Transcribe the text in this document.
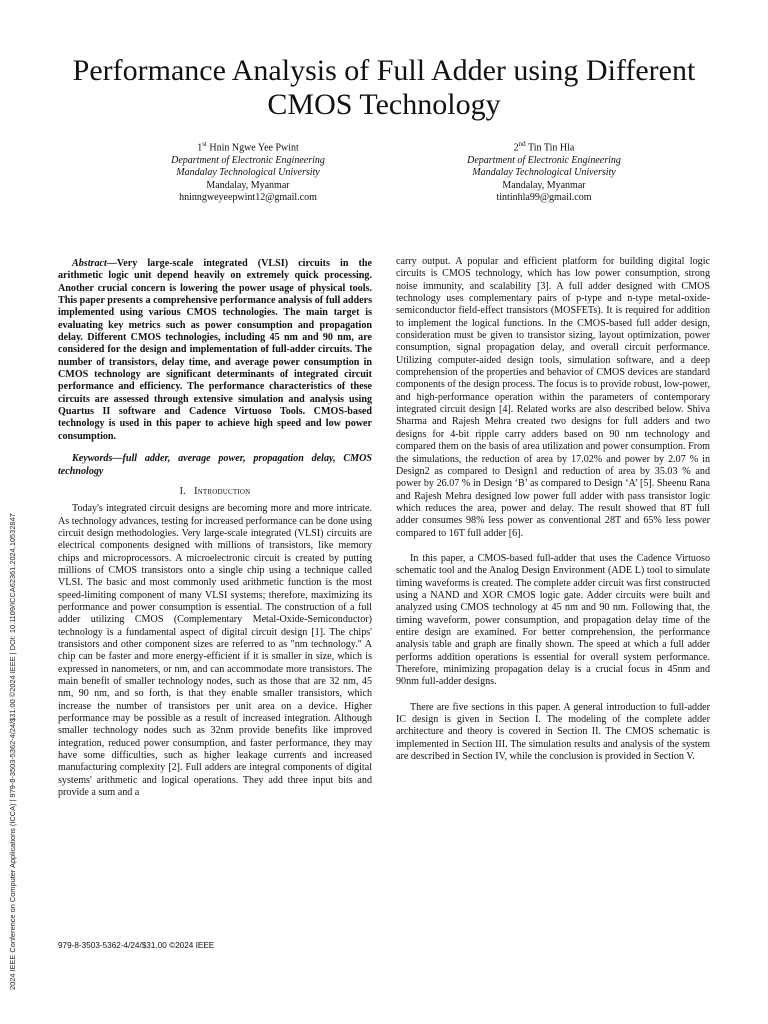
Performance Analysis of Full Adder using Different CMOS Technology
1st Hnin Ngwe Yee Pwint
Department of Electronic Engineering
Mandalay Technological University
Mandalay, Myanmar
hninngweyeepwint12@gmail.com
2nd Tin Tin Hla
Department of Electronic Engineering
Mandalay Technological University
Mandalay, Myanmar
tintinhla99@gmail.com

Abstract—Very large-scale integrated (VLSI) circuits in the arithmetic logic unit depend heavily on extremely quick processing. Another crucial concern is lowering the power usage of physical tools. This paper presents a comprehensive performance analysis of full adders implemented using various CMOS technologies. The main target is evaluating key metrics such as power consumption and propagation delay. Different CMOS technologies, including 45 nm and 90 nm, are considered for the design and implementation of full-adder circuits. The number of transistors, delay time, and average power consumption in CMOS technology are significant determinants of integrated circuit performance and efficiency. The performance characteristics of these circuits are assessed through extensive simulation and analysis using Quartus II software and Cadence Virtuoso Tools. CMOS-based technology is used in this paper to achieve high speed and low power consumption.

Keywords—full adder, average power, propagation delay, CMOS technology

I. Introduction

Today's integrated circuit designs are becoming more and more intricate. As technology advances, testing for increased performance can be done using circuit design methodologies. Very large-scale integrated (VLSI) circuits are electrical components designed with millions of transistors, like memory chips and microprocessors. A microelectronic circuit is created by putting millions of CMOS transistors onto a single chip using a technique called VLSI. The basic and most commonly used arithmetic function is the most speed-limiting component of many VLSI systems; therefore, maximizing its performance and power consumption is essential. The construction of a full adder utilizing CMOS (Complementary Metal-Oxide-Semiconductor) technology is a fundamental aspect of digital circuit design [1]. The chips' transistors and other component sizes are referred to as "nm technology." A chip can be faster and more energy-efficient if it is smaller in size, which is expressed in nanometers, or nm, and can accommodate more transistors. The main benefit of smaller technology nodes, such as those that are 32 nm, 45 nm, 90 nm, and so forth, is that they enable smaller transistors, which increase the number of transistors per unit area on a device. Higher performance may be possible as a result of increased integration. Although smaller technology nodes such as 32nm provide benefits like improved integration, reduced power consumption, and faster performance, they may have some difficulties, such as higher leakage currents and increased manufacturing complexity [2]. Full adders are integral components of digital systems' arithmetic and logical operations. They add three input bits and provide a sum and a

carry output. A popular and efficient platform for building digital logic circuits is CMOS technology, which has low power consumption, strong noise immunity, and scalability [3]. A full adder designed with CMOS technology uses complementary pairs of p-type and n-type metal-oxide-semiconductor field-effect transistors (MOSFETs). It is required for addition to implement the logical functions. In the CMOS-based full adder design, consideration must be given to transistor sizing, layout optimization, power consumption, signal propagation delay, and overall circuit performance. Utilizing computer-aided design tools, simulation software, and a deep comprehension of the properties and behavior of CMOS devices are standard components of the design process. The focus is to provide robust, low-power, and high-performance operation within the parameters of contemporary integrated circuit design [4]. Related works are also described below. Shiva Sharma and Rajesh Mehra created two designs for full adders and two designs for 4-bit ripple carry adders based on 90 nm technology and compared them on the basis of area utilization and power consumption. From the simulations, the reduction of area by 17.02% and power by 2.07 % in Design2 as compared to Design1 and reduction of area by 35.03 % and power by 26.07 % in Design ‘B’ as compared to Design ‘A’ [5]. Sheenu Rana and Rajesh Mehra designed low power full adder with pass transistor logic which reduces the area, power and delay. The result showed that 8T full adder consumes 98% less power as conventional 28T and 65% less power compared to 16T full adder [6].

In this paper, a CMOS-based full-adder that uses the Cadence Virtuoso schematic tool and the Analog Design Environment (ADE L) tool to simulate timing waveforms is created. The complete adder circuit was first constructed using a NAND and XOR CMOS logic gate. Adder circuits were built and analyzed using CMOS technology at 45 nm and 90 nm. Following that, the timing waveform, power consumption, and propagation delay time of the entire design are examined. For better comprehension, the performance analysis table and graph are finally shown. The speed at which a full adder performs addition operations is essential for overall system performance. Therefore, minimizing propagation delay is a crucial focus in 45nm and 90nm full-adder designs.

There are five sections in this paper. A general introduction to full-adder IC design is given in Section I. The modeling of the complete adder architecture and theory is covered in Section II. The CMOS schematic is implemented in Section III. The simulation results and analysis of the system are described in Section IV, while the conclusion is provided in Section V.

979-8-3503-5362-4/24/$31.00 ©2024 IEEE
2024 IEEE Conference on Computer Applications (ICCA) | 979-8-3503-5362-4/24/$31.00 ©2024 IEEE | DOI: 10.1109/ICCA62361.2024.10532847
